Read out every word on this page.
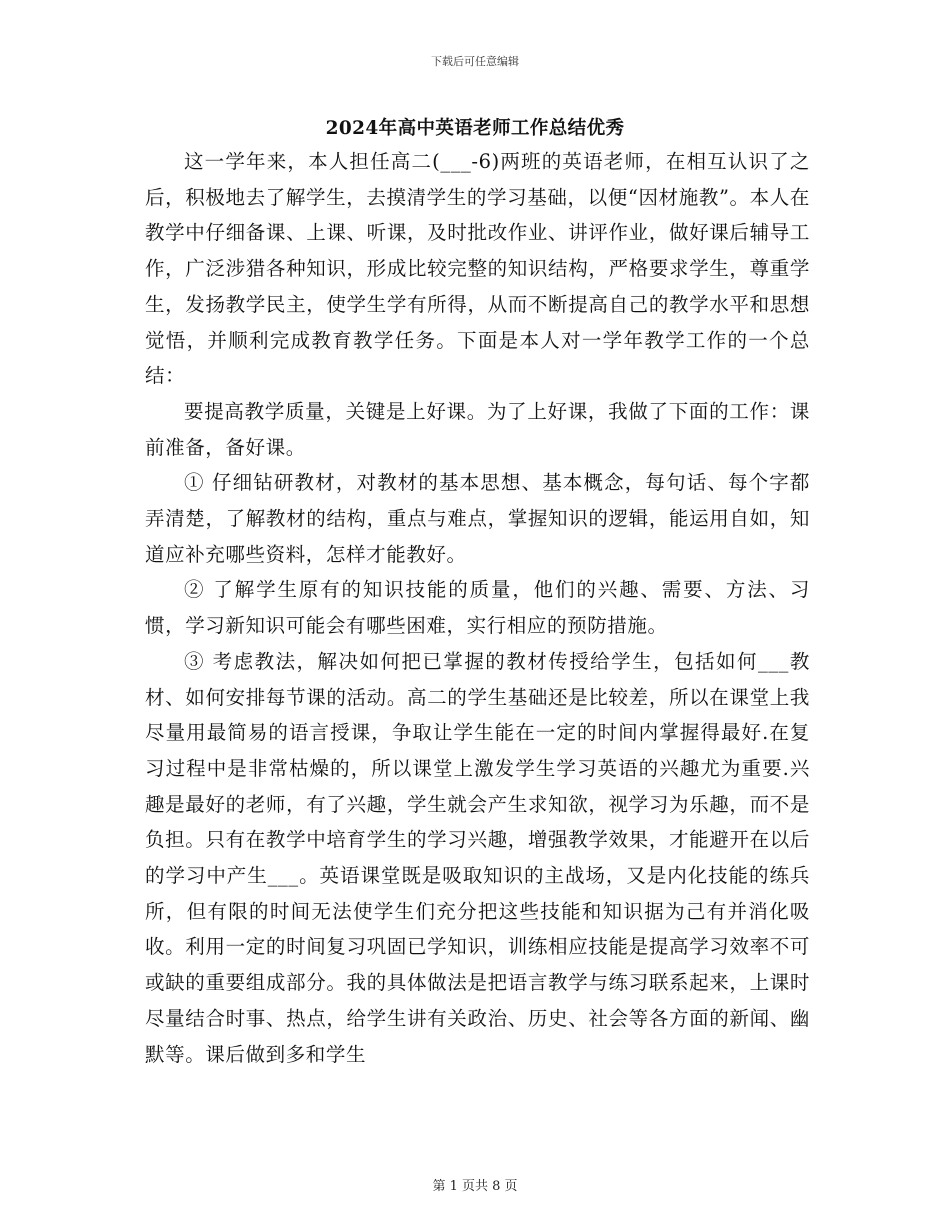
下载后可任意编辑
2024年高中英语老师工作总结优秀

这一学年来，本人担任高二(___-6)两班的英语老师，在相互认识了之后，积极地去了解学生，去摸清学生的学习基础，以便“因材施教”。本人在教学中仔细备课、上课、听课，及时批改作业、讲评作业，做好课后辅导工作，广泛涉猎各种知识，形成比较完整的知识结构，严格要求学生，尊重学生，发扬教学民主，使学生学有所得，从而不断提高自己的教学水平和思想觉悟，并顺利完成教育教学任务。下面是本人对一学年教学工作的一个总结：

要提高教学质量，关键是上好课。为了上好课，我做了下面的工作：课前准备，备好课。

① 仔细钻研教材，对教材的基本思想、基本概念，每句话、每个字都弄清楚，了解教材的结构，重点与难点，掌握知识的逻辑，能运用自如，知道应补充哪些资料，怎样才能教好。

② 了解学生原有的知识技能的质量，他们的兴趣、需要、方法、习惯，学习新知识可能会有哪些困难，实行相应的预防措施。

③ 考虑教法，解决如何把已掌握的教材传授给学生，包括如何___教材、如何安排每节课的活动。高二的学生基础还是比较差，所以在课堂上我尽量用最简易的语言授课，争取让学生能在一定的时间内掌握得最好.在复习过程中是非常枯燥的，所以课堂上激发学生学习英语的兴趣尤为重要.兴趣是最好的老师，有了兴趣，学生就会产生求知欲，视学习为乐趣，而不是负担。只有在教学中培育学生的学习兴趣，增强教学效果，才能避开在以后的学习中产生___。英语课堂既是吸取知识的主战场，又是内化技能的练兵所，但有限的时间无法使学生们充分把这些技能和知识据为己有并消化吸收。利用一定的时间复习巩固已学知识，训练相应技能是提高学习效率不可或缺的重要组成部分。我的具体做法是把语言教学与练习联系起来，上课时尽量结合时事、热点，给学生讲有关政治、历史、社会等各方面的新闻、幽默等。课后做到多和学生

第 1 页共 8 页
